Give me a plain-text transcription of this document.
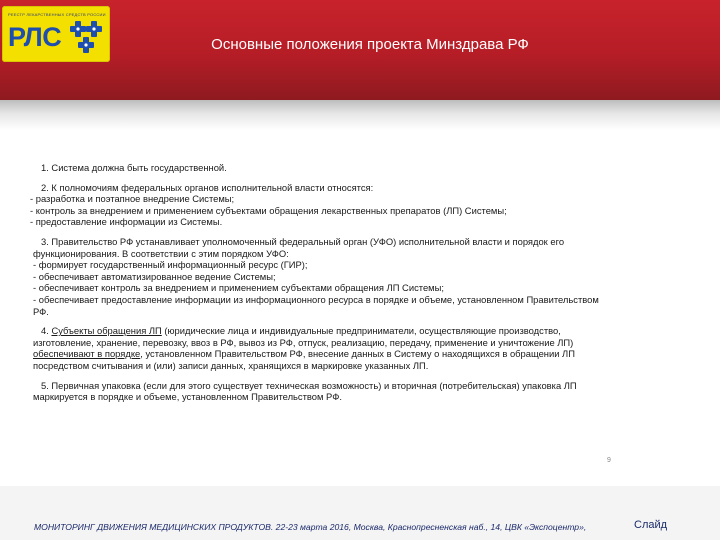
РЕЕСТР ЛЕКАРСТВЕННЫХ СРЕДСТВ РОССИИ
РЛС	Основные положения проекта Минздрава РФ
1. Система должна быть государственной.
2. К полномочиям федеральных органов исполнительной власти относятся:
- разработка и поэтапное внедрение Системы;
- контроль за внедрением и применением субъектами обращения лекарственных препаратов (ЛП) Системы;
- предоставление информации из Системы.
3. Правительство РФ устанавливает уполномоченный федеральный орган (УФО) исполнительной власти и порядок его
функционирования. В соответствии с этим порядком УФО:
- формирует государственный информационный ресурс (ГИР);
- обеспечивает автоматизированное ведение Системы;
- обеспечивает контроль за внедрением и применением субъектами обращения ЛП Системы;
- обеспечивает предоставление информации из информационного ресурса в порядке и объеме, установленном Правительством
РФ.
4. Субъекты обращения ЛП (юридические лица и индивидуальные предприниматели, осуществляющие производство,
изготовление, хранение, перевозку, ввоз в РФ, вывоз из РФ, отпуск, реализацию, передачу, применение и уничтожение ЛП)
обеспечивают в порядке, установленном Правительством РФ, внесение данных в Систему о находящихся в обращении ЛП
посредством считывания и (или) записи данных, хранящихся в маркировке указанных ЛП.
5. Первичная упаковка (если для этого существует техническая возможность) и вторичная (потребительская) упаковка ЛП
маркируется в порядке и объеме, установленном Правительством РФ.
9
МОНИТОРИНГ ДВИЖЕНИЯ МЕДИЦИНСКИХ ПРОДУКТОВ. 22-23 марта 2016, Москва, Краснопресненская наб., 14, ЦВК «Экспоцентр»,	Слайд
